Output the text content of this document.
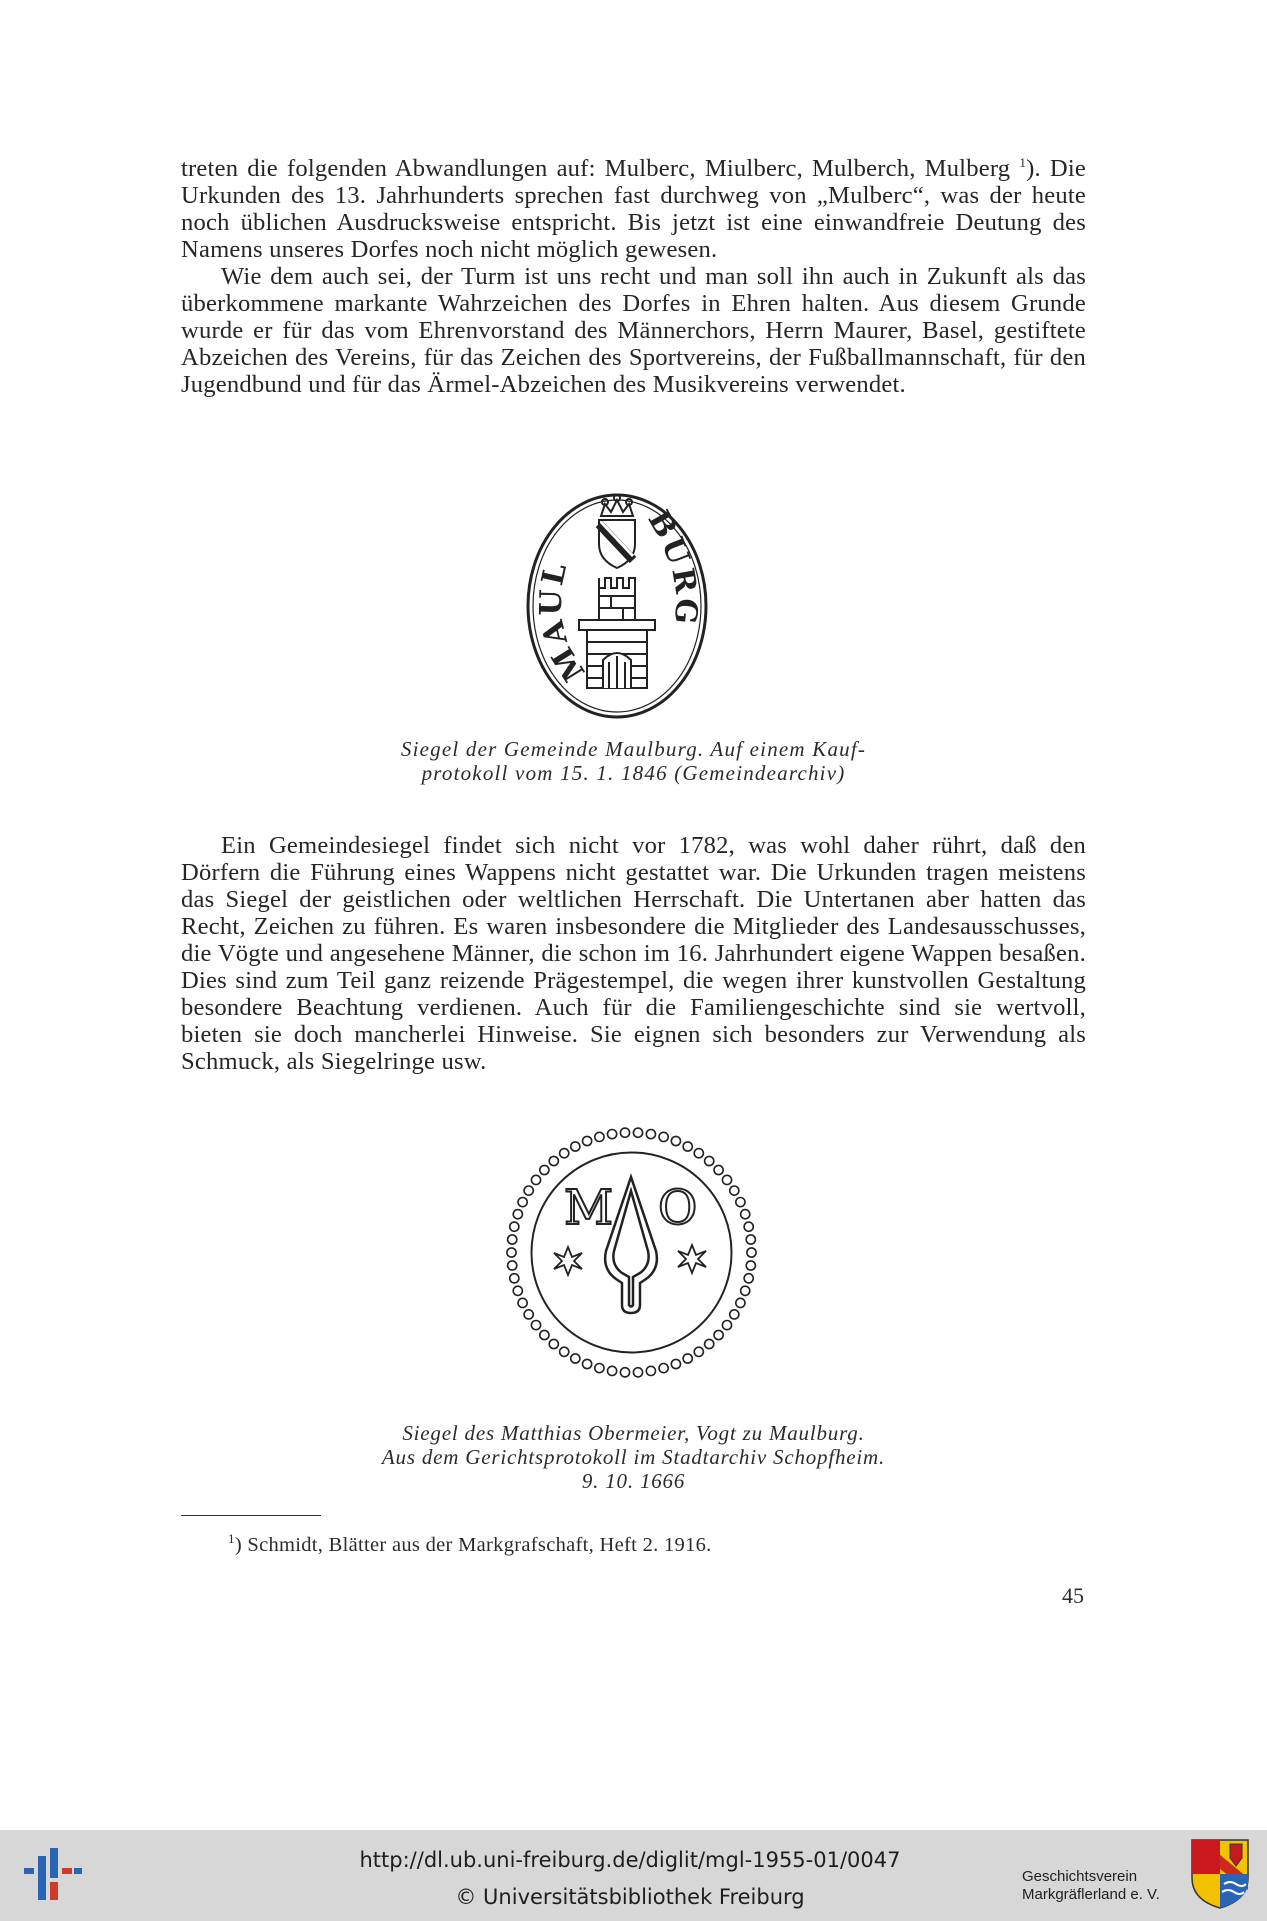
treten die folgenden Abwandlungen auf: Mulberc, Miulberc, Mulberch, Mulberg $^1$). Die Urkunden des 13. Jahrhunderts sprechen fast durchweg von „Mulberc“, was der heute noch üblichen Ausdrucksweise entspricht. Bis jetzt ist eine einwandfreie Deutung des Namens unseres Dorfes noch nicht möglich gewesen.

Wie dem auch sei, der Turm ist uns recht und man soll ihn auch in Zukunft als das überkommene markante Wahrzeichen des Dorfes in Ehren halten. Aus diesem Grunde wurde er für das vom Ehrenvorstand des Männerchors, Herrn Maurer, Basel, gestiftete Abzeichen des Vereins, für das Zeichen des Sportvereins, der Fußballmannschaft, für den Jugendbund und für das Ärmel-Abzeichen des Musikvereins verwendet.

MAUL
BURG
Siegel der Gemeinde Maulburg. Auf einem Kauf-
protokoll vom 15. 1. 1846 (Gemeindearchiv)

Ein Gemeindesiegel findet sich nicht vor 1782, was wohl daher rührt, daß den Dörfern die Führung eines Wappens nicht gestattet war. Die Urkunden tragen meistens das Siegel der geistlichen oder weltlichen Herrschaft. Die Untertanen aber hatten das Recht, Zeichen zu führen. Es waren insbesondere die Mitglieder des Landesausschusses, die Vögte und angesehene Männer, die schon im 16. Jahrhundert eigene Wappen besaßen. Dies sind zum Teil ganz reizende Prägestempel, die wegen ihrer kunstvollen Gestaltung besondere Beachtung verdienen. Auch für die Familiengeschichte sind sie wertvoll, bieten sie doch mancherlei Hinweise. Sie eignen sich besonders zur Verwendung als Schmuck, als Siegelringe usw.

M O
Siegel des Matthias Obermeier, Vogt zu Maulburg.
Aus dem Gerichtsprotokoll im Stadtarchiv Schopfheim.
9. 10. 1666
$^1$) Schmidt, Blätter aus der Markgrafschaft, Heft 2. 1916.
45
http://dl.ub.uni-freiburg.de/diglit/mgl-1955-01/0047
© Universitätsbibliothek Freiburg
Geschichtsverein
Markgräflerland e. V.
